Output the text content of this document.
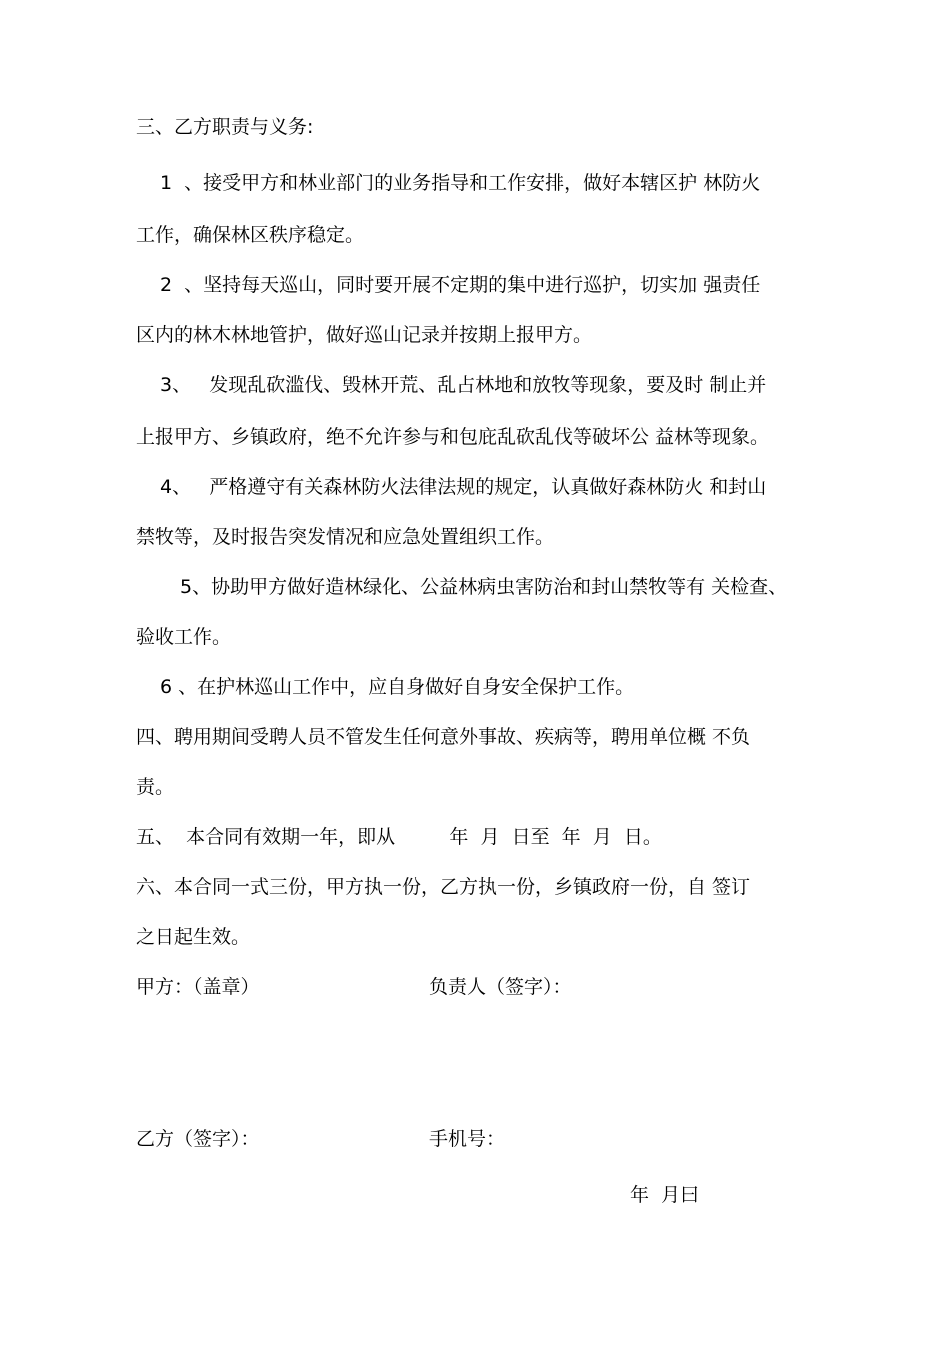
三、乙方职责与义务:

1  、接受甲方和林业部门的业务指导和工作安排，做好本辖区护 林防火

工作，确保林区秩序稳定。

2  、坚持每天巡山，同时要开展不定期的集中进行巡护，切实加 强责任

区内的林木林地管护，做好巡山记录并按期上报甲方。

3、   发现乱砍滥伐、毁林开荒、乱占林地和放牧等现象，要及时 制止并

上报甲方、乡镇政府，绝不允许参与和包庇乱砍乱伐等破坏公 益林等现象。

4、   严格遵守有关森林防火法律法规的规定，认真做好森林防火 和封山

禁牧等，及时报告突发情况和应急处置组织工作。

5、协助甲方做好造林绿化、公益林病虫害防治和封山禁牧等有 关检查、

验收工作。

6 、在护林巡山工作中，应自身做好自身安全保护工作。

四、聘用期间受聘人员不管发生任何意外事故、疾病等，聘用单位概 不负

责。

五、  本合同有效期一年，即从         年  月  日至  年  月  日。

六、本合同一式三份，甲方执一份，乙方执一份，乡镇政府一份，自 签订

之日起生效。

甲方：（盖章）	负责人（签字）：

乙方（签字）：	手机号：

年  月曰
